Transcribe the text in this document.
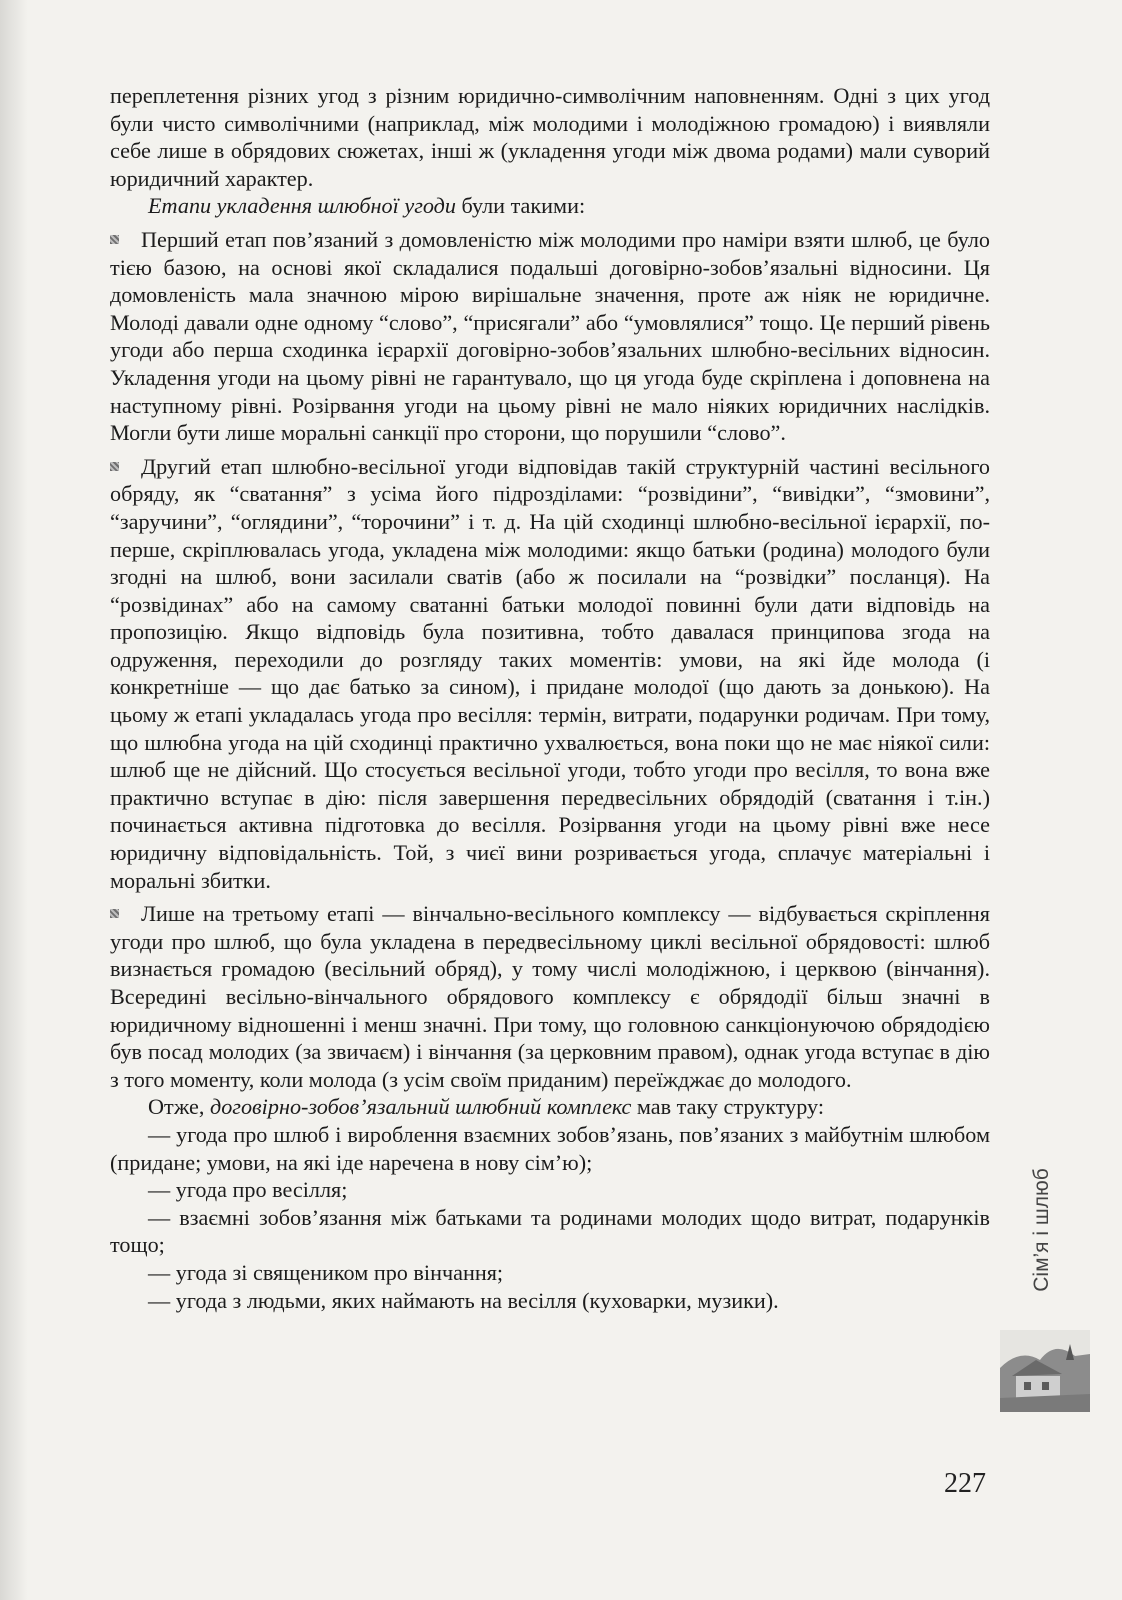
переплетення різних угод з різним юридично-символічним наповненням. Одні з цих угод були чисто символічними (наприклад, між молодими і молодіжною громадою) і виявляли себе лише в обрядових сюжетах, інші ж (укладення угоди між двома родами) мали суворий юридичний характер.

Етапи укладення шлюбної угоди були такими:

Перший етап пов’язаний з домовленістю між молодими про наміри взяти шлюб, це було тією базою, на основі якої складалися подальші договірно-зобов’язальні відносини. Ця домовленість мала значною мірою вирішальне значення, проте аж ніяк не юридичне. Молоді давали одне одному “слово”, “присягали” або “умовлялися” тощо. Це перший рівень угоди або перша сходинка ієрархії договірно-зобов’язальних шлюбно-весільних відносин. Укладення угоди на цьому рівні не гарантувало, що ця угода буде скріплена і доповнена на наступному рівні. Розірвання угоди на цьому рівні не мало ніяких юридичних наслідків. Могли бути лише моральні санкції про сторони, що порушили “слово”.

Другий етап шлюбно-весільної угоди відповідав такій структурній частині весільного обряду, як “сватання” з усіма його підрозділами: “розвідини”, “вивідки”, “змовини”, “заручини”, “оглядини”, “торочини” і т. д. На цій сходинці шлюбно-весільної ієрархії, по-перше, скріплювалась угода, укладена між молодими: якщо батьки (родина) молодого були згодні на шлюб, вони засилали сватів (або ж посилали на “розвідки” посланця). На “розвідинах” або на самому сватанні батьки молодої повинні були дати відповідь на пропозицію. Якщо відповідь була позитивна, тобто давалася принципова згода на одруження, переходили до розгляду таких моментів: умови, на які йде молода (і конкретніше — що дає батько за сином), і придане молодої (що дають за донькою). На цьому ж етапі укладалась угода про весілля: термін, витрати, подарунки родичам. При тому, що шлюбна угода на цій сходинці практично ухвалюється, вона поки що не має ніякої сили: шлюб ще не дійсний. Що стосується весільної угоди, тобто угоди про весілля, то вона вже практично вступає в дію: після завершення передвесільних обрядодій (сватання і т.ін.) починається активна підготовка до весілля. Розірвання угоди на цьому рівні вже несе юридичну відповідальність. Той, з чиєї вини розривається угода, сплачує матеріальні і моральні збитки.

Лише на третьому етапі — вінчально-весільного комплексу — відбувається скріплення угоди про шлюб, що була укладена в передвесільному циклі весільної обрядовості: шлюб визнається громадою (весільний обряд), у тому числі молодіжною, і церквою (вінчання). Всередині весільно-вінчального обрядового комплексу є обрядодії більш значні в юридичному відношенні і менш значні. При тому, що головною санкціонуючою обрядодією був посад молодих (за звичаєм) і вінчання (за церковним правом), однак угода вступає в дію з того моменту, коли молода (з усім своїм приданим) переїжджає до молодого.

Отже, договірно-зобов’язальний шлюбний комплекс мав таку структуру:

— угода про шлюб і вироблення взаємних зобов’язань, пов’язаних з майбутнім шлюбом (придане; умови, на які іде наречена в нову сім’ю);

— угода про весілля;

— взаємні зобов’язання між батьками та родинами молодих щодо витрат, подарунків тощо;

— угода зі священиком про вінчання;

— угода з людьми, яких наймають на весілля (куховарки, музики).

Сім’я і шлюб
227
